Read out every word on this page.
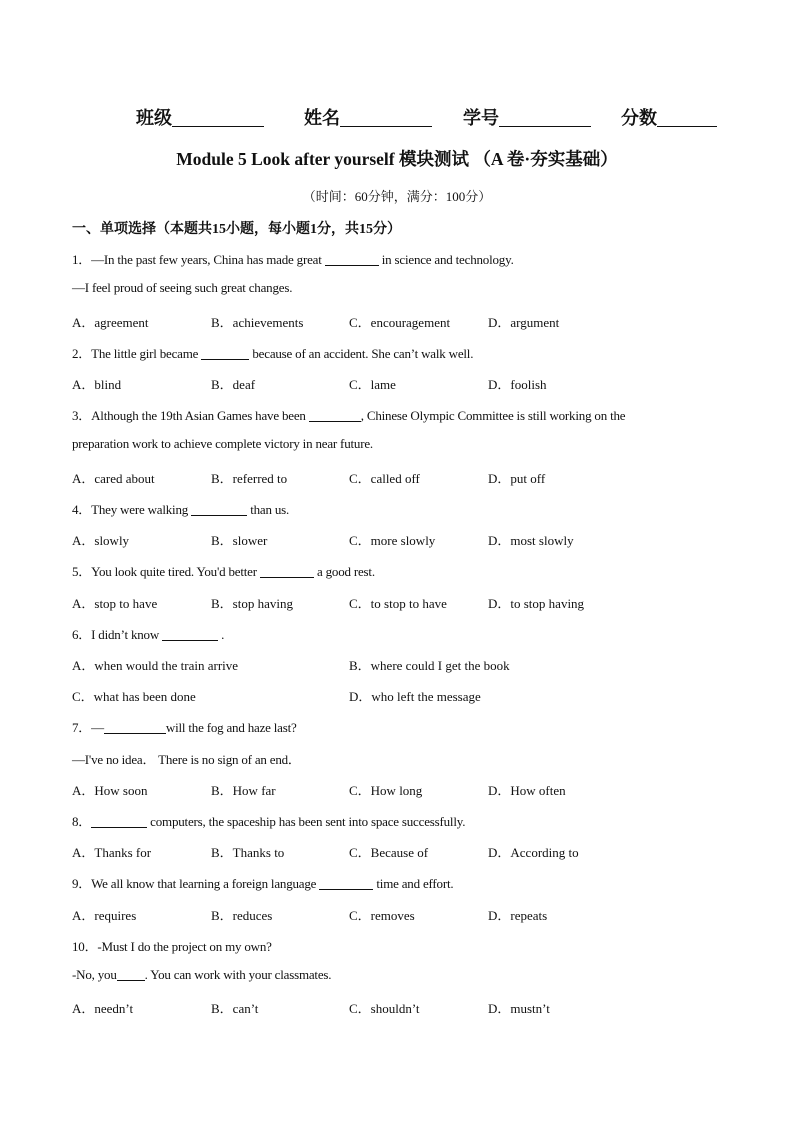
班级	姓名	学号	分数
Module 5 Look after yourself 模块测试 （A 卷·夯实基础）
（时间：60分钟，满分：100分）
一、单项选择（本题共15小题，每小题1分，共15分）
1．—In the past few years, China has made great	in science and technology.
—I feel proud of seeing such great changes.
A．agreement	B．achievements	C．encouragement	D．argument
2．The little girl became	because of an accident. She can’t walk well.
A．blind	B．deaf	C．lame	D．foolish
3．Although the 19th Asian Games have been	, Chinese Olympic Committee is still working on the
preparation work to achieve complete victory in near future.
A．cared about	B．referred to	C．called off	D．put off
4．They were walking	than us.
A．slowly	B．slower	C．more slowly	D．most slowly
5．You look quite tired. You'd better	a good rest.
A．stop to have	B．stop having	C．to stop to have	D．to stop having
6．I didn’t know	.
A．when would the train arrive	B．where could I get the book
C．what has been done	D．who left the message
7．—	will the fog and haze last?
—I've no idea． There is no sign of an end．
A．How soon	B．How far	C．How long	D．How often
8．	computers, the spaceship has been sent into space successfully.
A．Thanks for	B．Thanks to	C．Because of	D．According to
9．We all know that learning a foreign language	time and effort.
A．requires	B．reduces	C．removes	D．repeats
10．-Must I do the project on my own?
-No, you . You can work with your classmates.
A．needn’t	B．can’t	C．shouldn’t	D．mustn’t
